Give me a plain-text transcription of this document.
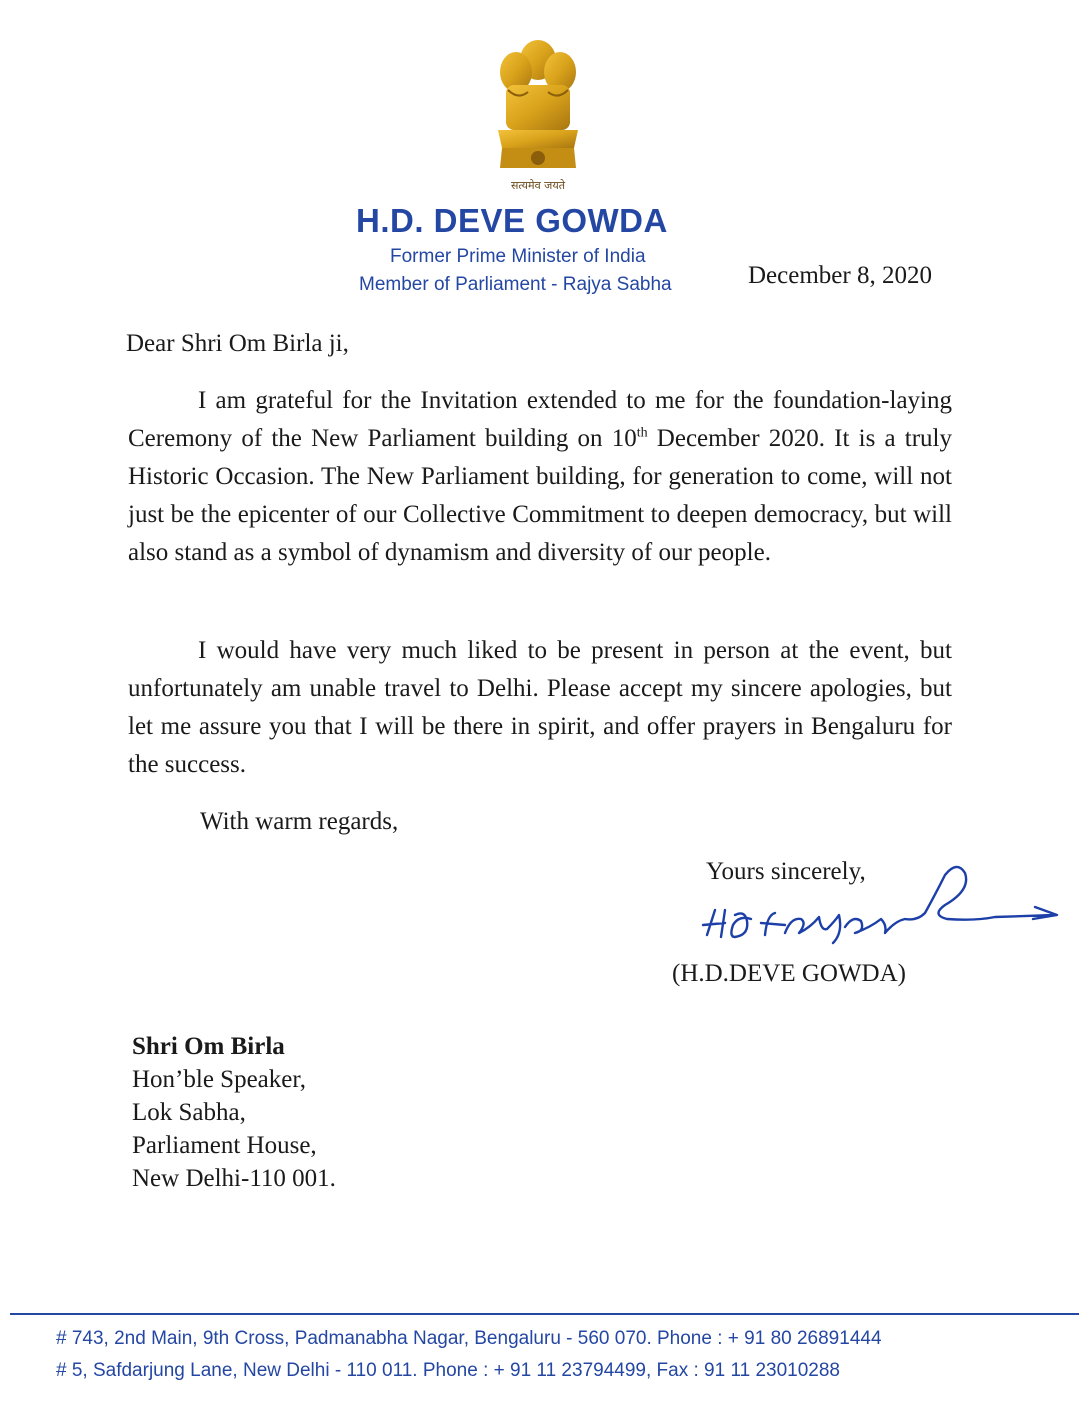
सत्यमेव जयते
H.D. DEVE GOWDA
Former Prime Minister of India
Member of Parliament - Rajya Sabha	December 8, 2020
Dear Shri Om Birla ji,

I am grateful for the Invitation extended to me for the foundation-laying Ceremony of the New Parliament building on 10th December 2020. It is a truly Historic Occasion. The New Parliament building, for generation to come, will not just be the epicenter of our Collective Commitment to deepen democracy, but will also stand as a symbol of dynamism and diversity of our people.

I would have very much liked to be present in person at the event, but unfortunately am unable travel to Delhi. Please accept my sincere apologies, but let me assure you that I will be there in spirit, and offer prayers in Bengaluru for the success.

With warm regards,
Yours sincerely,
(H.D.DEVE GOWDA)
Shri Om Birla
Hon’ble Speaker,
Lok Sabha,
Parliament House,
New Delhi-110 001.
# 743, 2nd Main, 9th Cross, Padmanabha Nagar, Bengaluru - 560 070. Phone : + 91 80 26891444
# 5, Safdarjung Lane, New Delhi - 110 011. Phone : + 91 11 23794499, Fax : 91 11 23010288
